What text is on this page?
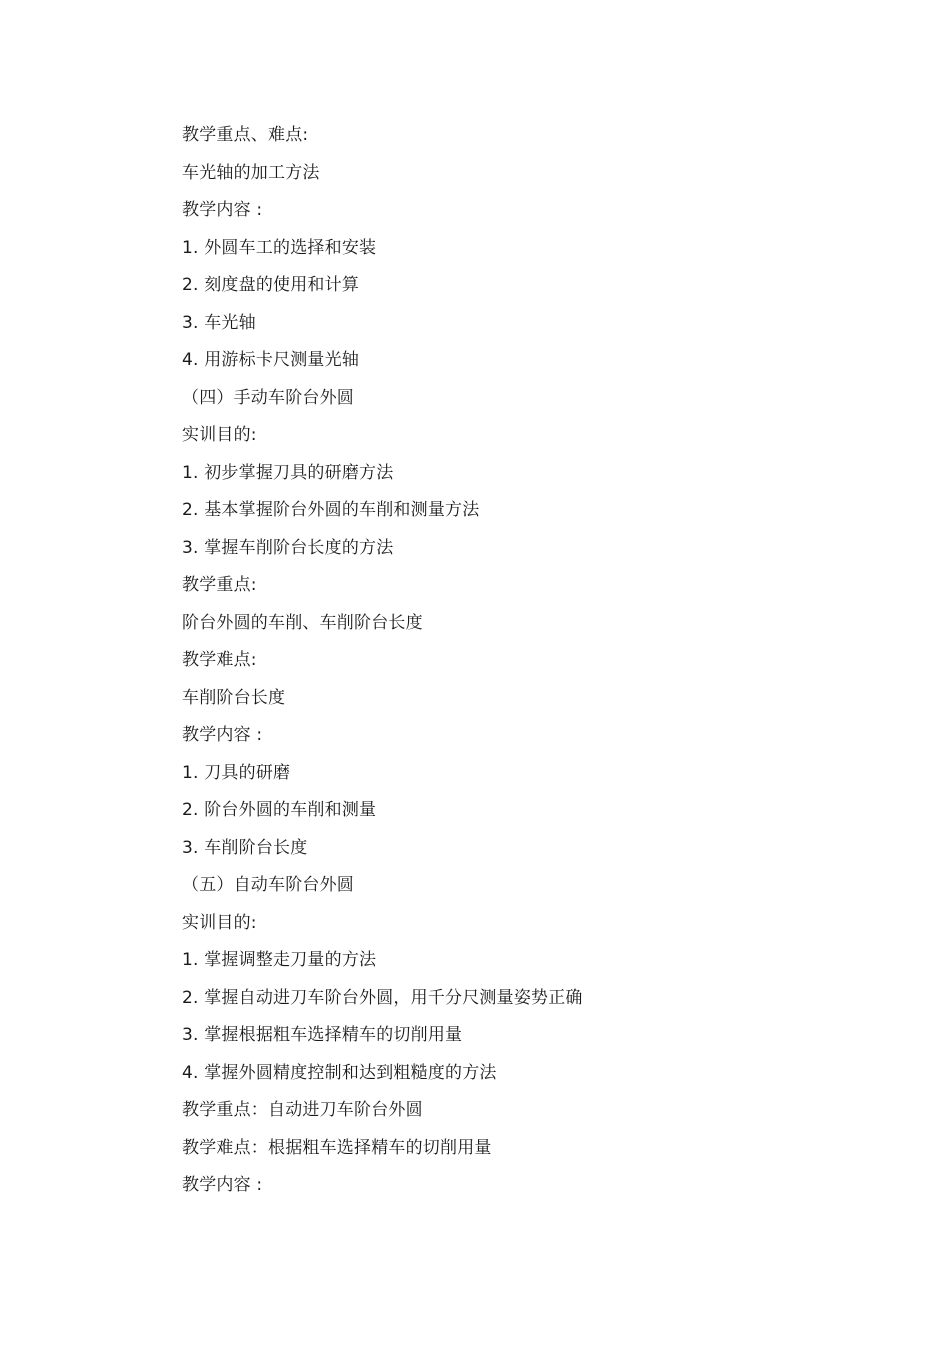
教学重点、难点:
车光轴的加工方法
教学内容 :
1. 外圆车工的选择和安装
2. 刻度盘的使用和计算
3. 车光轴
4. 用游标卡尺测量光轴
（四）手动车阶台外圆
实训目的:
1. 初步掌握刀具的研磨方法
2. 基本掌握阶台外圆的车削和测量方法
3. 掌握车削阶台长度的方法
教学重点:
阶台外圆的车削、车削阶台长度
教学难点:
车削阶台长度
教学内容 :
1. 刀具的研磨
2. 阶台外圆的车削和测量
3. 车削阶台长度
（五）自动车阶台外圆
实训目的:
1. 掌握调整走刀量的方法
2. 掌握自动进刀车阶台外圆，用千分尺测量姿势正确
3. 掌握根据粗车选择精车的切削用量
4. 掌握外圆精度控制和达到粗糙度的方法
教学重点：自动进刀车阶台外圆
教学难点：根据粗车选择精车的切削用量
教学内容 :
